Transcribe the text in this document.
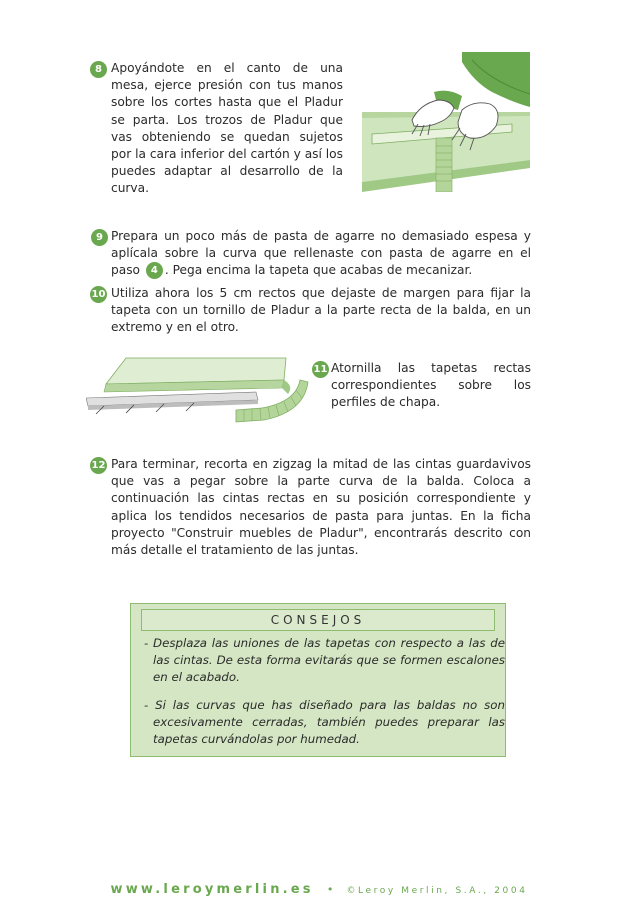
8 Apoyándote en el canto de una mesa, ejerce presión con tus manos sobre los cortes hasta que el Pladur se parta. Los trozos de Pladur que vas obteniendo se quedan sujetos por la cara inferior del cartón y así los puedes adaptar al desarrollo de la curva.
9 Prepara un poco más de pasta de agarre no demasiado espesa y aplícala sobre la curva que rellenaste con pasta de agarre en el paso 4 . Pega encima la tapeta que acabas de mecanizar.
10 Utiliza ahora los 5 cm rectos que dejaste de margen para fijar la tapeta con un tornillo de Pladur a la parte recta de la balda, en un extremo y en el otro.
11 Atornilla las tapetas rectas correspondientes sobre los perfiles de chapa.
12 Para terminar, recorta en zigzag la mitad de las cintas guardavivos que vas a pegar sobre la parte curva de la balda. Coloca a continuación las cintas rectas en su posición correspondiente y aplica los tendidos necesarios de pasta para juntas. En la ficha proyecto "Construir muebles de Pladur", encontrarás descrito con más detalle el tratamiento de las juntas.
CONSEJOS
- Desplaza las uniones de las tapetas con respecto a las de las cintas. De esta forma evitarás que se formen escalones en el acabado.
- Si las curvas que has diseñado para las baldas no son excesivamente cerradas, también puedes preparar las tapetas curvándolas por humedad.
www.leroymerlin.es • ©Leroy Merlin, S.A., 2004
